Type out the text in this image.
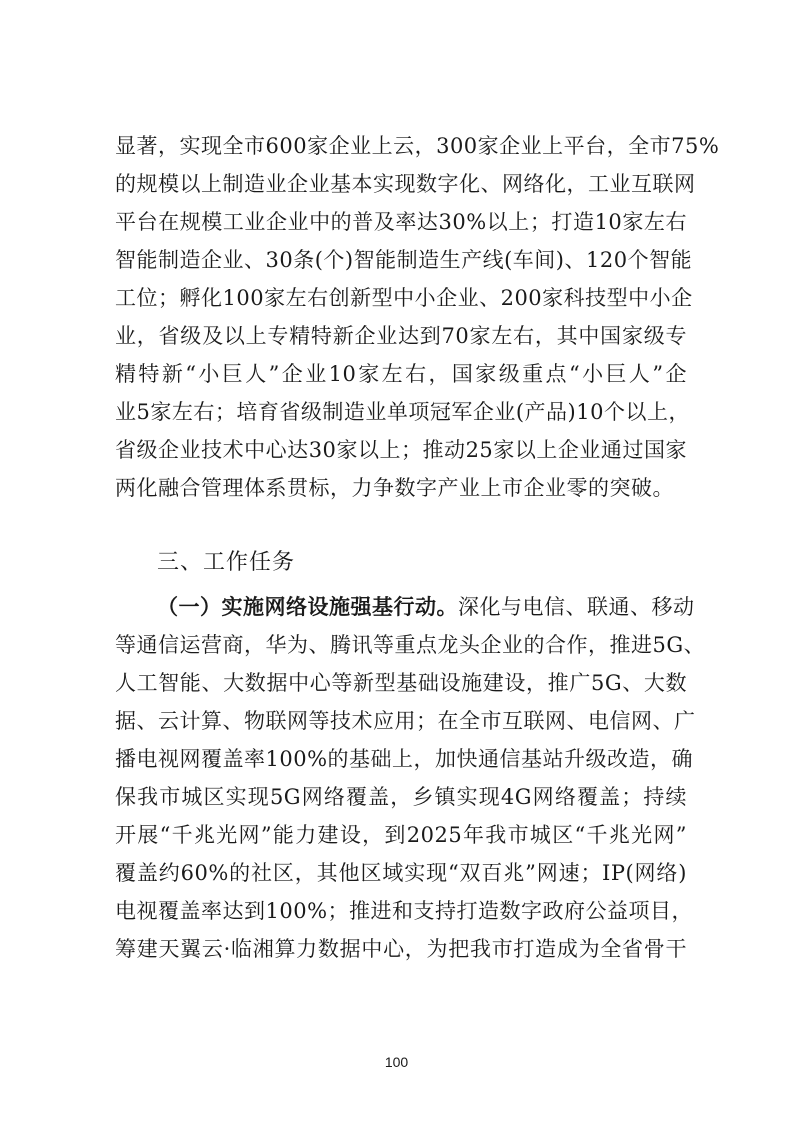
显著，实现全市600家企业上云，300家企业上平台，全市75%
的规模以上制造业企业基本实现数字化、网络化，工业互联网
平台在规模工业企业中的普及率达30%以上；打造10家左右
智能制造企业、30条(个)智能制造生产线(车间)、120个智能
工位；孵化100家左右创新型中小企业、200家科技型中小企
业，省级及以上专精特新企业达到70家左右，其中国家级专
精特新“小巨人”企业10家左右，国家级重点“小巨人”企
业5家左右；培育省级制造业单项冠军企业(产品)10个以上，
省级企业技术中心达30家以上；推动25家以上企业通过国家
两化融合管理体系贯标，力争数字产业上市企业零的突破。
三、工作任务
（一）实施网络设施强基行动。深化与电信、联通、移动
等通信运营商，华为、腾讯等重点龙头企业的合作，推进5G、
人工智能、大数据中心等新型基础设施建设，推广5G、大数
据、云计算、物联网等技术应用；在全市互联网、电信网、广
播电视网覆盖率100%的基础上，加快通信基站升级改造，确
保我市城区实现5G网络覆盖，乡镇实现4G网络覆盖；持续
开展“千兆光网”能力建设，到2025年我市城区“千兆光网”
覆盖约60%的社区，其他区域实现“双百兆”网速；IP(网络)
电视覆盖率达到100%；推进和支持打造数字政府公益项目，
筹建天翼云·临湘算力数据中心，为把我市打造成为全省骨干
100
